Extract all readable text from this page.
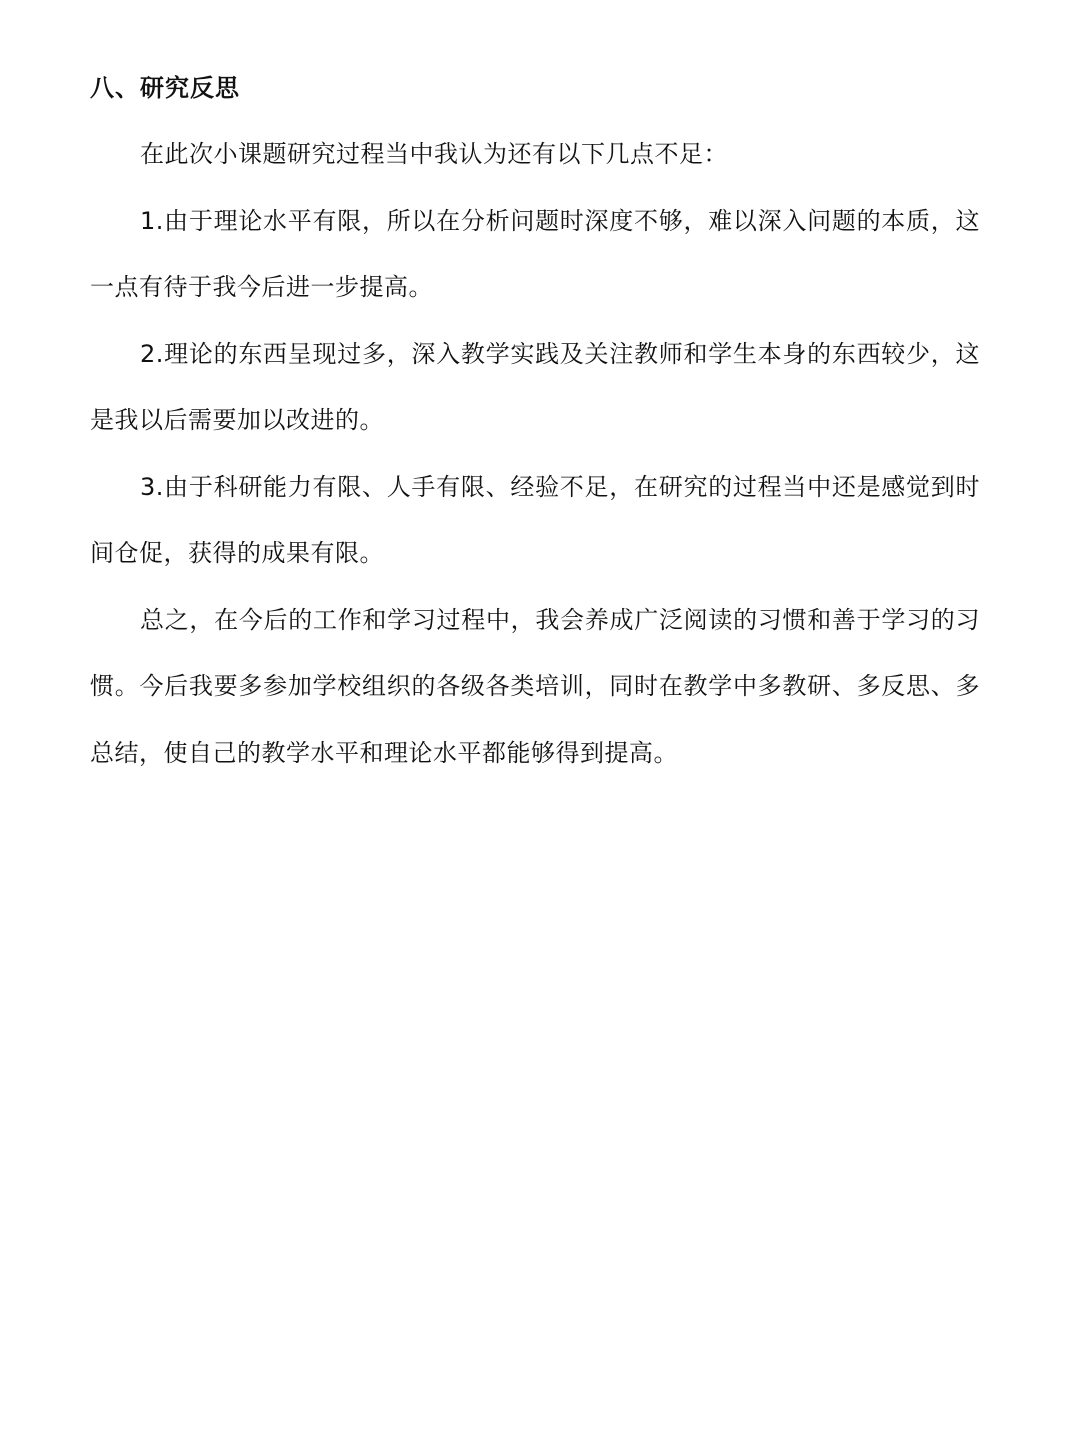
八、研究反思

在此次小课题研究过程当中我认为还有以下几点不足：

1.由于理论水平有限，所以在分析问题时深度不够，难以深入问题的本质，这一点有待于我今后进一步提高。

2.理论的东西呈现过多，深入教学实践及关注教师和学生本身的东西较少，这是我以后需要加以改进的。

3.由于科研能力有限、人手有限、经验不足，在研究的过程当中还是感觉到时间仓促，获得的成果有限。

总之，在今后的工作和学习过程中，我会养成广泛阅读的习惯和善于学习的习惯。今后我要多参加学校组织的各级各类培训，同时在教学中多教研、多反思、多总结，使自己的教学水平和理论水平都能够得到提高。
